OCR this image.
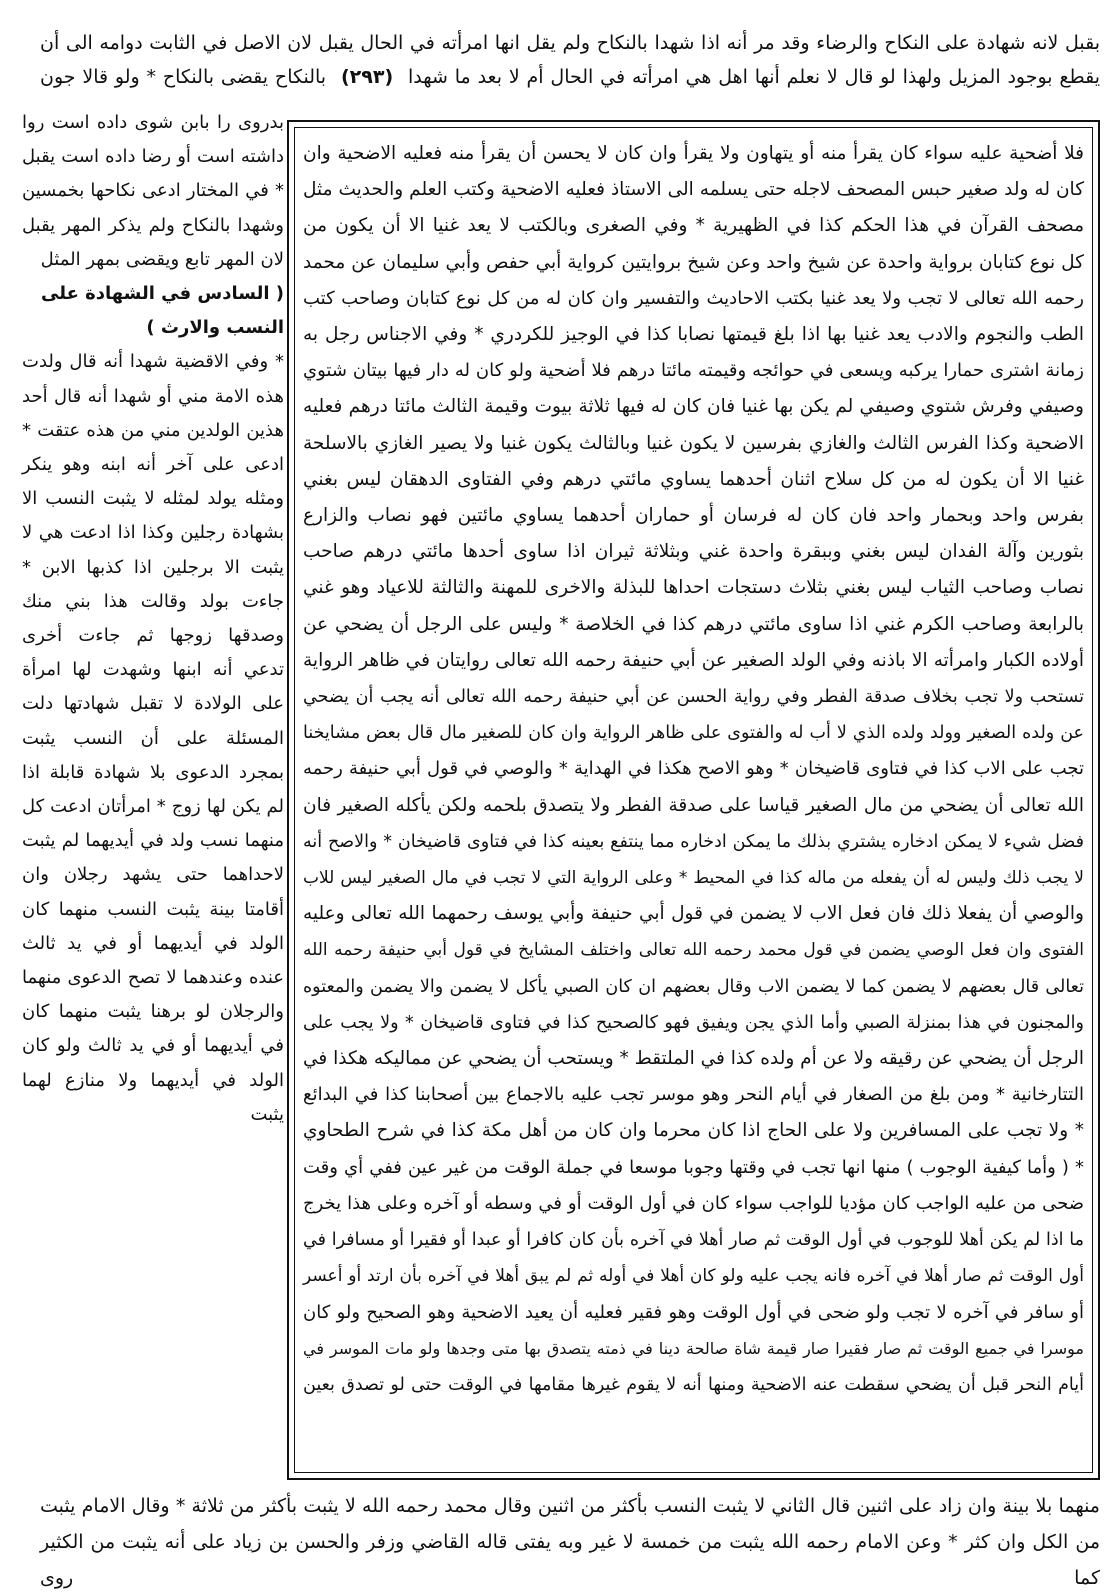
بقبل لانه شهادة على النكاح والرضاء وقد مر أنه اذا شهدا بالنكاح ولم يقل انها امرأته في الحال يقبل لان الاصل في الثابت دوامه الى أن يقطع بوجود المزيل ولهذا لو قال لا نعلم أنها اهل هي امرأته في الحال أم لا بعد ما شهدا (٢٩٣) بالنكاح يقضى بالنكاح * ولو قالا جون
بدروى را بابن شوى داده است روا داشته است أو رضا داده است يقبل * في المختار ادعى نكاحها بخمسين وشهدا بالنكاح ولم يذكر المهر يقبل لان المهر تابع ويقضى بمهر المثل
( السادس في الشهادة على النسب والارث )
* وفي الاقضية شهدا أنه قال ولدت هذه الامة مني أو شهدا أنه قال أحد هذين الولدين مني من هذه عتقت * ادعى على آخر أنه ابنه وهو ينكر ومثله يولد لمثله لا يثبت النسب الا بشهادة رجلين وكذا اذا ادعت هي لا يثبت الا برجلين اذا كذبها الابن * جاءت بولد وقالت هذا بني منك وصدقها زوجها ثم جاءت أخرى تدعي أنه ابنها وشهدت لها امرأة على الولادة لا تقبل شهادتها دلت المسئلة على أن النسب يثبت بمجرد الدعوى بلا شهادة قابلة اذا لم يكن لها زوج * امرأتان ادعت كل منهما نسب ولد في أيديهما لم يثبت لاحداهما حتى يشهد رجلان وان أقامتا بينة يثبت النسب منهما كان الولد في أيديهما أو في يد ثالث عنده وعندهما لا تصح الدعوى منهما والرجلان لو برهنا يثبت منهما كان في أيديهما أو في يد ثالث ولو كان الولد في أيديهما ولا منازع لهما يثبت
فلا أضحية عليه سواء كان يقرأ منه أو يتهاون ولا يقرأ وان كان لا يحسن أن يقرأ منه فعليه الاضحية وان
كان له ولد صغير حبس المصحف لاجله حتى يسلمه الى الاستاذ فعليه الاضحية وكتب العلم والحديث مثل
مصحف القرآن في هذا الحكم كذا في الظهيرية * وفي الصغرى وبالكتب لا يعد غنيا الا أن يكون من
كل نوع كتابان برواية واحدة عن شيخ واحد وعن شيخ بروايتين كرواية أبي حفص وأبي سليمان عن محمد
رحمه الله تعالى لا تجب ولا يعد غنيا بكتب الاحاديث والتفسير وان كان له من كل نوع كتابان وصاحب كتب
الطب والنجوم والادب يعد غنيا بها اذا بلغ قيمتها نصابا كذا في الوجيز للكردري * وفي الاجناس رجل به
زمانة اشترى حمارا يركبه ويسعى في حوائجه وقيمته مائتا درهم فلا أضحية ولو كان له دار فيها بيتان شتوي
وصيفي وفرش شتوي وصيفي لم يكن بها غنيا فان كان له فيها ثلاثة بيوت وقيمة الثالث مائتا درهم فعليه
الاضحية وكذا الفرس الثالث والغازي بفرسين لا يكون غنيا وبالثالث يكون غنيا ولا يصير الغازي بالاسلحة
غنيا الا أن يكون له من كل سلاح اثنان أحدهما يساوي مائتي درهم وفي الفتاوى الدهقان ليس بغني
بفرس واحد وبحمار واحد فان كان له فرسان أو حماران أحدهما يساوي مائتين فهو نصاب والزارع
بثورين وآلة الفدان ليس بغني وببقرة واحدة غني وبثلاثة ثيران اذا ساوى أحدها مائتي درهم صاحب
نصاب وصاحب الثياب ليس بغني بثلاث دستجات احداها للبذلة والاخرى للمهنة والثالثة للاعياد وهو غني
بالرابعة وصاحب الكرم غني اذا ساوى مائتي درهم كذا في الخلاصة * وليس على الرجل أن يضحي عن
أولاده الكبار وامرأته الا باذنه وفي الولد الصغير عن أبي حنيفة رحمه الله تعالى روايتان في ظاهر الرواية
تستحب ولا تجب بخلاف صدقة الفطر وفي رواية الحسن عن أبي حنيفة رحمه الله تعالى أنه يجب أن يضحي
عن ولده الصغير وولد ولده الذي لا أب له والفتوى على ظاهر الرواية وان كان للصغير مال قال بعض مشايخنا
تجب على الاب كذا في فتاوى قاضيخان * وهو الاصح هكذا في الهداية * والوصي في قول أبي حنيفة رحمه
الله تعالى أن يضحي من مال الصغير قياسا على صدقة الفطر ولا يتصدق بلحمه ولكن يأكله الصغير فان
فضل شيء لا يمكن ادخاره يشتري بذلك ما يمكن ادخاره مما ينتفع بعينه كذا في فتاوى قاضيخان * والاصح أنه
لا يجب ذلك وليس له أن يفعله من ماله كذا في المحيط * وعلى الرواية التي لا تجب في مال الصغير ليس للاب
والوصي أن يفعلا ذلك فان فعل الاب لا يضمن في قول أبي حنيفة وأبي يوسف رحمهما الله تعالى وعليه
الفتوى وان فعل الوصي يضمن في قول محمد رحمه الله تعالى واختلف المشايخ في قول أبي حنيفة رحمه الله
تعالى قال بعضهم لا يضمن كما لا يضمن الاب وقال بعضهم ان كان الصبي يأكل لا يضمن والا يضمن والمعتوه
والمجنون في هذا بمنزلة الصبي وأما الذي يجن ويفيق فهو كالصحيح كذا في فتاوى قاضيخان * ولا يجب على
الرجل أن يضحي عن رقيقه ولا عن أم ولده كذا في الملتقط * ويستحب أن يضحي عن مماليكه هكذا في
التتارخانية * ومن بلغ من الصغار في أيام النحر وهو موسر تجب عليه بالاجماع بين أصحابنا كذا في البدائع
* ولا تجب على المسافرين ولا على الحاج اذا كان محرما وان كان من أهل مكة كذا في شرح الطحاوي
* ( وأما كيفية الوجوب ) منها انها تجب في وقتها وجوبا موسعا في جملة الوقت من غير عين ففي أي وقت
ضحى من عليه الواجب كان مؤديا للواجب سواء كان في أول الوقت أو في وسطه أو آخره وعلى هذا يخرج
ما اذا لم يكن أهلا للوجوب في أول الوقت ثم صار أهلا في آخره بأن كان كافرا أو عبدا أو فقيرا أو مسافرا في
أول الوقت ثم صار أهلا في آخره فانه يجب عليه ولو كان أهلا في أوله ثم لم يبق أهلا في آخره بأن ارتد أو أعسر
أو سافر في آخره لا تجب ولو ضحى في أول الوقت وهو فقير فعليه أن يعيد الاضحية وهو الصحيح ولو كان
موسرا في جميع الوقت ثم صار فقيرا صار قيمة شاة صالحة دينا في ذمته يتصدق بها متى وجدها ولو مات الموسر في
أيام النحر قبل أن يضحي سقطت عنه الاضحية ومنها أنه لا يقوم غيرها مقامها في الوقت حتى لو تصدق بعين
منهما بلا بينة وان زاد على اثنين قال الثاني لا يثبت النسب بأكثر من اثنين وقال محمد رحمه الله لا يثبت بأكثر من ثلاثة * وقال الامام يثبت من الكل وان كثر * وعن الامام رحمه الله يثبت من خمسة لا غير وبه يفتى قاله القاضي وزفر والحسن بن زياد على أنه يثبت من الكثير كما روى
